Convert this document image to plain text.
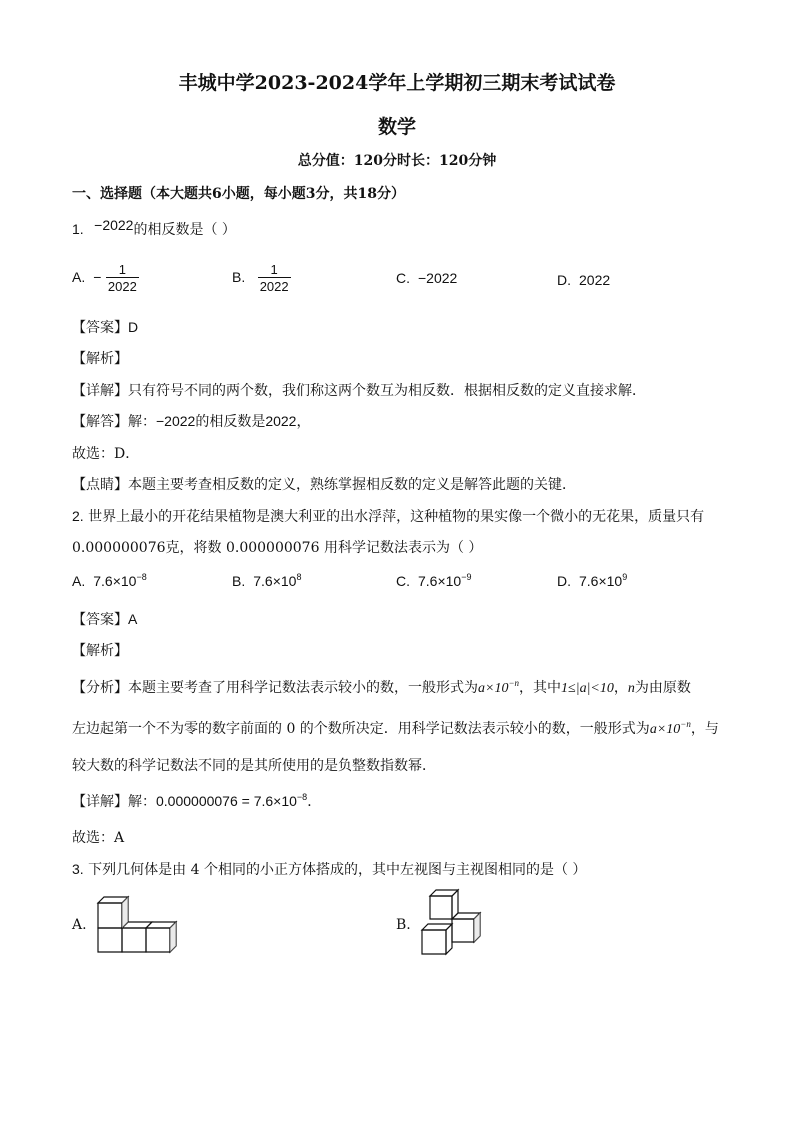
丰城中学2023-2024学年上学期初三期末考试试卷
数学
总分值：120分时长：120分钟
一、选择题（本大题共6小题，每小题3分，共18分）
1. −2022的相反数是（ ）
A. − $\frac{1}{2022}$	B. $\frac{1}{2022}$	C. −2022	D. 2022
【答案】D
【解析】
【详解】只有符号不同的两个数，我们称这两个数互为相反数．根据相反数的定义直接求解．
【解答】解：−2022的相反数是2022，
故选：D．
【点睛】本题主要考查相反数的定义，熟练掌握相反数的定义是解答此题的关键．
2. 世界上最小的开花结果植物是澳大利亚的出水浮萍，这种植物的果实像一个微小的无花果，质量只有
0.000000076克，将数 0.000000076 用科学记数法表示为（ ）
A. $7.6\times 10^{-8}$	B. $7.6\times 10^8$	C. $7.6\times 10^{-9}$	D. $7.6\times 10^9$
【答案】A
【解析】
【分析】本题主要考查了用科学记数法表示较小的数，一般形式为$a\times 10^{-n}$，其中1≤|a|<10，n为由原数
左边起第一个不为零的数字前面的 0 的个数所决定．用科学记数法表示较小的数，一般形式为$a\times 10^{-n}$，与
较大数的科学记数法不同的是其所使用的是负整数指数幂．
【详解】解：$0.000000076 = 7.6\times 10^{-8}$．
故选：A
3. 下列几何体是由 4 个相同的小正方体搭成的，其中左视图与主视图相同的是（ ）
A.	B.
